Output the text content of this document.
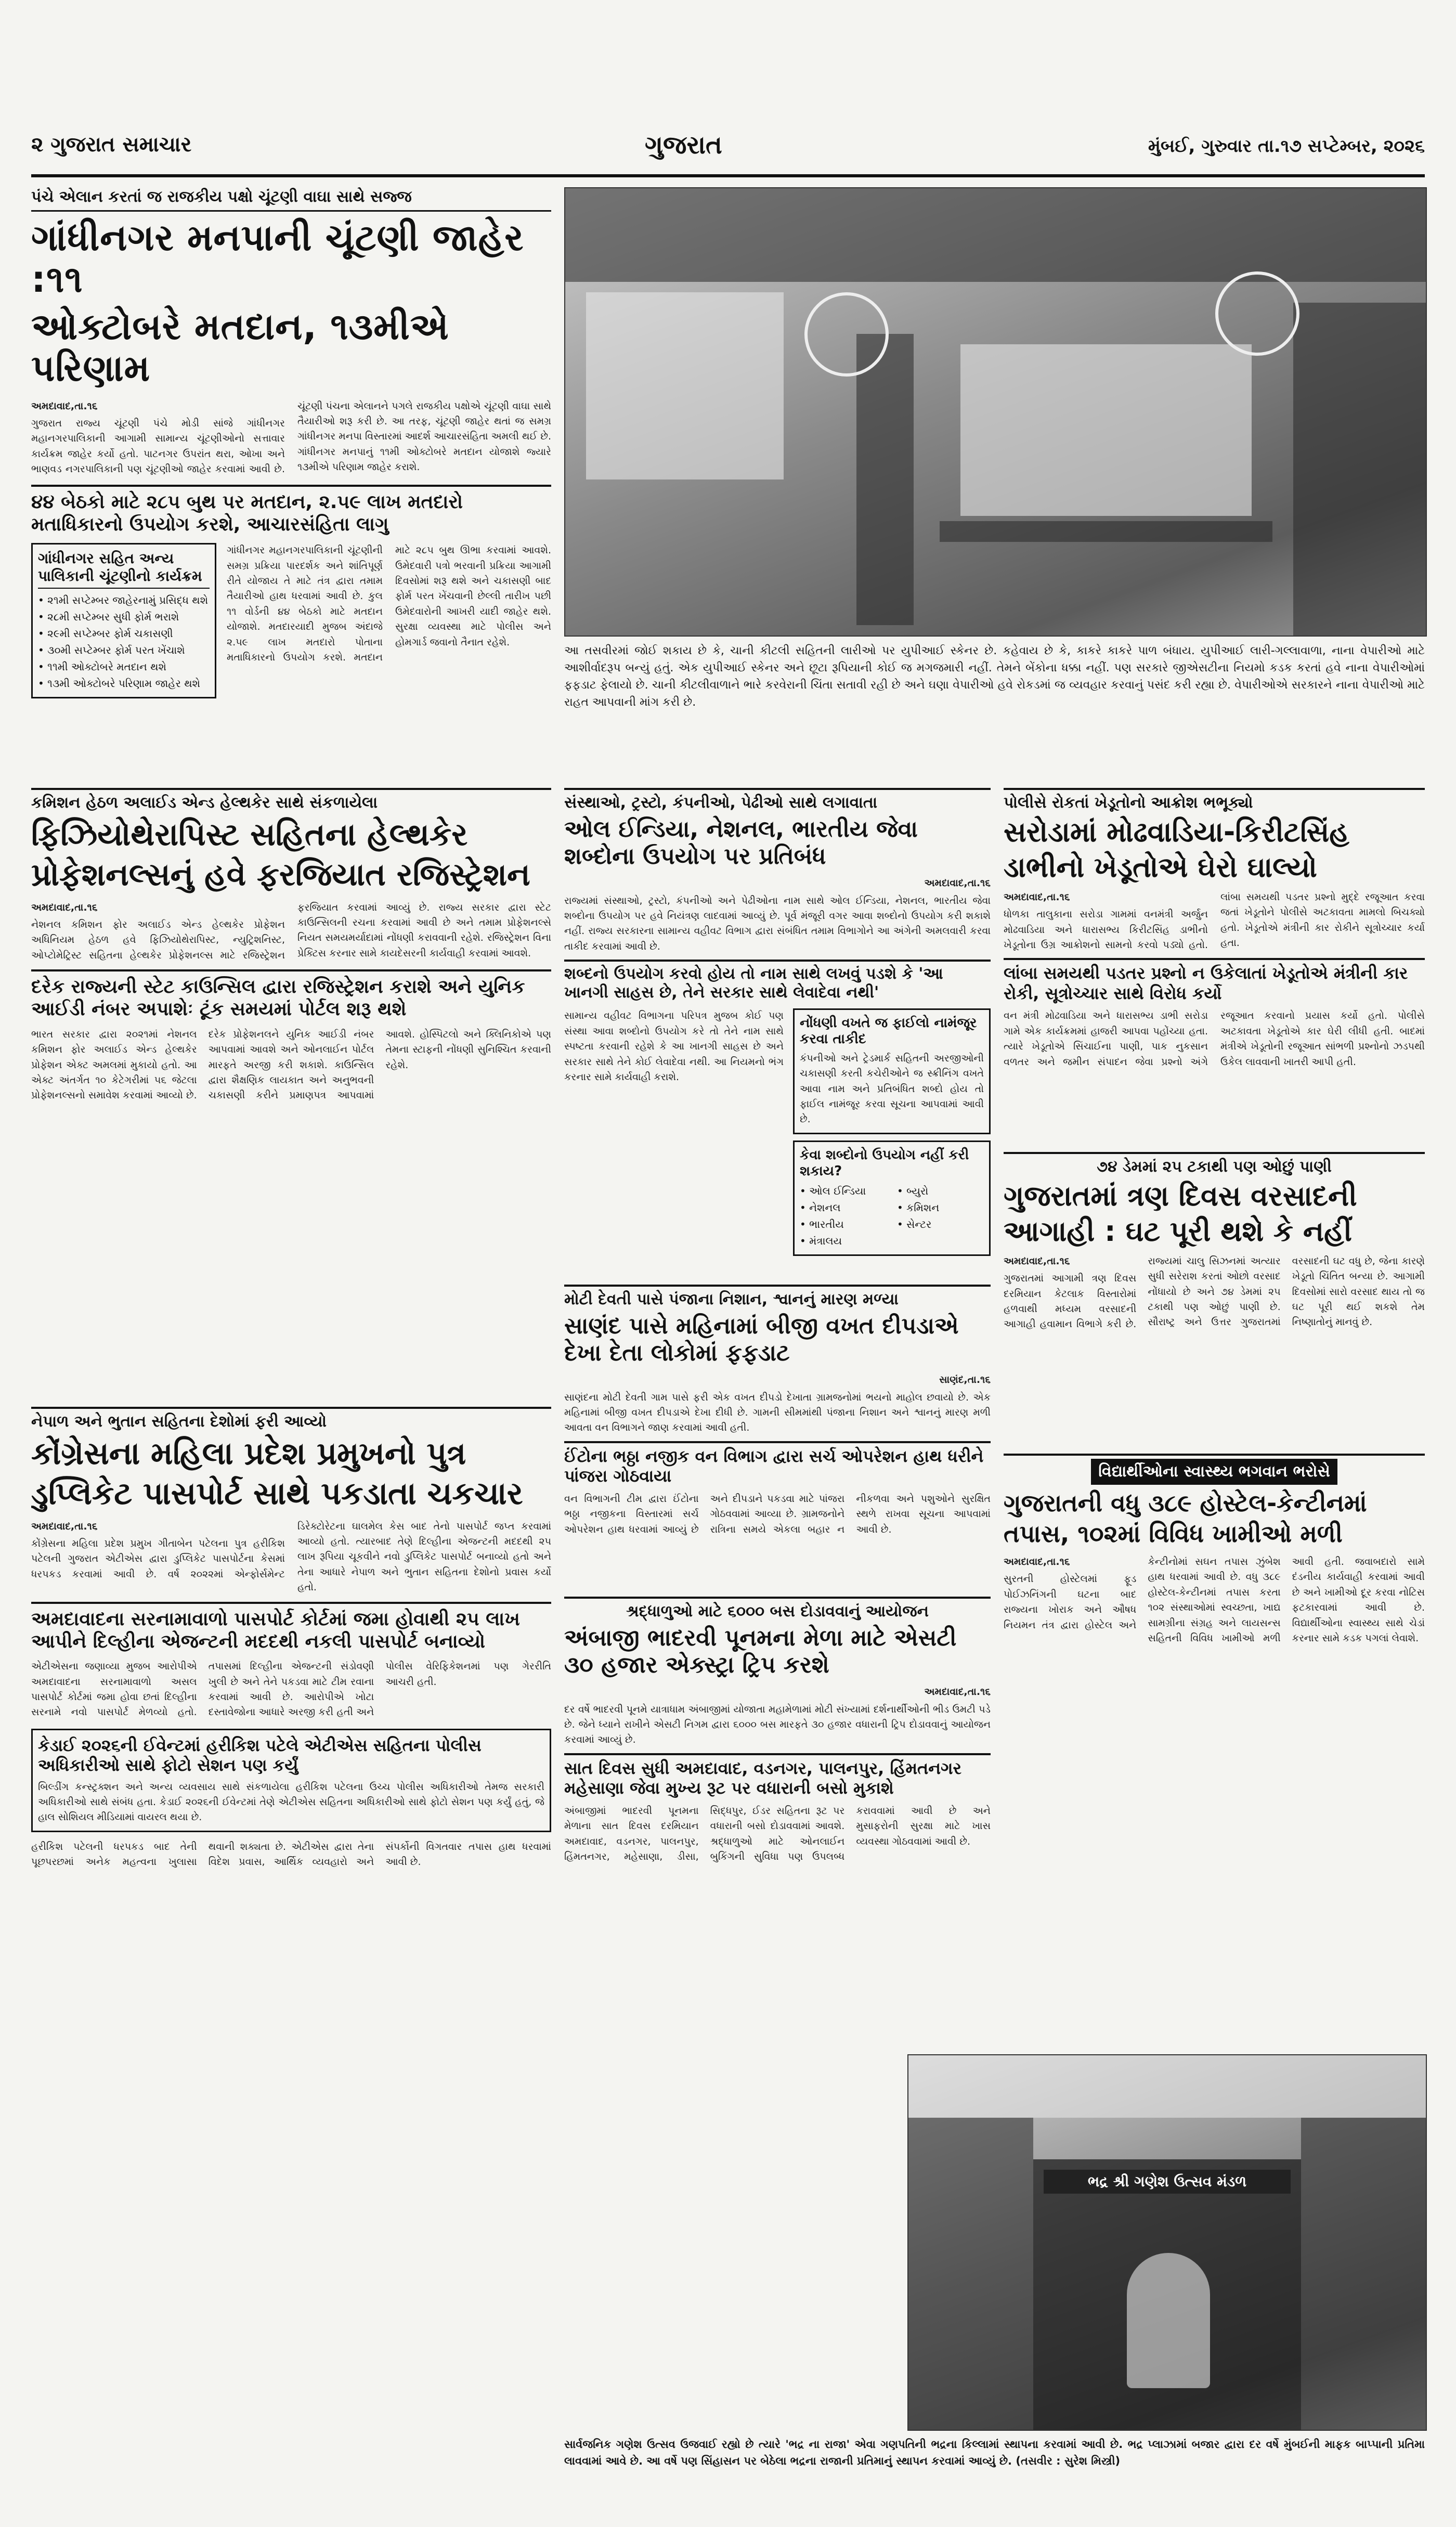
૨ ગુજરાત સમાચાર	ગુજરાત	મુંબઈ, ગુરુવાર તા.૧૭ સપ્ટેમ્બર, ૨૦૨૬
પંચે એલાન કરતાં જ રાજકીય પક્ષો ચૂંટણી વાઘા સાથે સજ્જ
ગાંધીનગર મનપાની ચૂંટણી જાહેર :૧૧
ઓક્ટોબરે મતદાન, ૧૩મીએ પરિણામ

અમદાવાદ,તા.૧૬

ગુજરાત રાજ્ય ચૂંટણી પંચે મોડી સાંજે ગાંધીનગર મહાનગરપાલિકાની આગામી સામાન્ય ચૂંટણીઓનો સત્તાવાર કાર્યક્રમ જાહેર કર્યો હતો. પાટનગર ઉપરાંત થરા, ઓખા અને ભાણવડ નગરપાલિકાની પણ ચૂંટણીઓ જાહેર કરવામાં આવી છે. ચૂંટણી પંચના એલાનને પગલે રાજકીય પક્ષોએ ચૂંટણી વાઘા સાથે તૈયારીઓ શરૂ કરી છે. આ તરફ, ચૂંટણી જાહેર થતાં જ સમગ્ર ગાંધીનગર મનપા વિસ્તારમાં આદર્શ આચારસંહિતા અમલી થઈ છે. ગાંધીનગર મનપાનું ૧૧મી ઓક્ટોબરે મતદાન યોજાશે જ્યારે ૧૩મીએ પરિણામ જાહેર કરાશે.

૪૪ બેઠકો માટે ૨૮૫ બુથ પર મતદાન, ૨.૫૯ લાખ મતદારો મતાધિકારનો ઉપયોગ કરશે, આચારસંહિતા લાગુ
ગાંધીનગર સહિત અન્ય પાલિકાની ચૂંટણીનો કાર્યક્રમ
• ૨૧મી સપ્ટેમ્બર જાહેરનામું પ્રસિદ્ધ થશે
• ૨૮મી સપ્ટેમ્બર સુધી ફોર્મ ભરાશે
• ૨૯મી સપ્ટેમ્બર ફોર્મ ચકાસણી
• ૩૦મી સપ્ટેમ્બર ફોર્મ પરત ખેંચાશે
• ૧૧મી ઓક્ટોબરે મતદાન થશે
• ૧૩મી ઓક્ટોબરે પરિણામ જાહેર થશે
ગાંધીનગર મહાનગરપાલિકાની ચૂંટણીની સમગ્ર પ્રક્રિયા પારદર્શક અને શાંતિપૂર્ણ રીતે યોજાય તે માટે તંત્ર દ્વારા તમામ તૈયારીઓ હાથ ધરવામાં આવી છે. કુલ ૧૧ વોર્ડની ૪૪ બેઠકો માટે મતદાન યોજાશે. મતદારયાદી મુજબ અંદાજે ૨.૫૯ લાખ મતદારો પોતાના મતાધિકારનો ઉપયોગ કરશે. મતદાન માટે ૨૮૫ બુથ ઊભા કરવામાં આવશે. ઉમેદવારી પત્રો ભરવાની પ્રક્રિયા આગામી દિવસોમાં શરૂ થશે અને ચકાસણી બાદ ફોર્મ પરત ખેંચવાની છેલ્લી તારીખ પછી ઉમેદવારોની આખરી યાદી જાહેર થશે. સુરક્ષા વ્યવસ્થા માટે પોલીસ અને હોમગાર્ડ જવાનો તૈનાત રહેશે.
આ તસવીરમાં જોઈ શકાય છે કે, ચાની કીટલી સહિતની લારીઓ પર યુપીઆઈ સ્કેનર છે. કહેવાય છે કે, કાકરે કાકરે પાળ બંધાય. યુપીઆઈ લારી-ગલ્લાવાળા, નાના વેપારીઓ માટે આશીર્વાદરૂપ બન્યું હતું. એક યુપીઆઈ સ્કેનર અને છૂટા રૂપિયાની કોઈ જ મગજમારી નહીં. તેમને બેંકોના ધક્કા નહીં. પણ સરકારે જીએસટીના નિયમો કડક કરતાં હવે નાના વેપારીઓમાં ફફડાટ ફેલાયો છે. ચાની કીટલીવાળાને ભારે કરવેરાની ચિંતા સતાવી રહી છે અને ઘણા વેપારીઓ હવે રોકડમાં જ વ્યવહાર કરવાનું પસંદ કરી રહ્યા છે. વેપારીઓએ સરકારને નાના વેપારીઓ માટે રાહત આપવાની માંગ કરી છે.
સંસ્થાઓ, ટ્રસ્ટો, કંપનીઓ, પેઢીઓ સાથે લગાવાતા
ઓલ ઈન્ડિયા, નેશનલ, ભારતીય જેવા શબ્દોના ઉપયોગ પર પ્રતિબંધ

અમદાવાદ,તા.૧૬

રાજ્યમાં સંસ્થાઓ, ટ્રસ્ટો, કંપનીઓ અને પેઢીઓના નામ સાથે ઓલ ઈન્ડિયા, નેશનલ, ભારતીય જેવા શબ્દોના ઉપયોગ પર હવે નિયંત્રણ લાદવામાં આવ્યું છે. પૂર્વ મંજૂરી વગર આવા શબ્દોનો ઉપયોગ કરી શકાશે નહીં. રાજ્ય સરકારના સામાન્ય વહીવટ વિભાગ દ્વારા સંબંધિત તમામ વિભાગોને આ અંગેની અમલવારી કરવા તાકીદ કરવામાં આવી છે.

શબ્દનો ઉપયોગ કરવો હોય તો નામ સાથે લખવું પડશે કે 'આ ખાનગી સાહસ છે, તેને સરકાર સાથે લેવાદેવા નથી'
સામાન્ય વહીવટ વિભાગના પરિપત્ર મુજબ કોઈ પણ સંસ્થા આવા શબ્દોનો ઉપયોગ કરે તો તેને નામ સાથે સ્પષ્ટતા કરવાની રહેશે કે આ ખાનગી સાહસ છે અને સરકાર સાથે તેને કોઈ લેવાદેવા નથી. આ નિયમનો ભંગ કરનાર સામે કાર્યવાહી કરાશે.
નોંધણી વખતે જ ફાઈલો નામંજૂર કરવા તાકીદ
કંપનીઓ અને ટ્રેડમાર્ક સહિતની અરજીઓની ચકાસણી કરતી કચેરીઓને જ સ્ક્રીનિંગ વખતે આવા નામ અને પ્રતિબંધિત શબ્દો હોય તો ફાઈલ નામંજૂર કરવા સૂચના આપવામાં આવી છે.
કેવા શબ્દોનો ઉપયોગ નહીં કરી શકાય?
• ઓલ ઈન્ડિયા
• નેશનલ
• ભારતીય
• મંત્રાલય
• બ્યુરો
• કમિશન
• સેન્ટર
પોલીસે રોકતાં ખેડૂતોનો આક્રોશ ભભૂક્યો
સરોડામાં મોઢવાડિયા-કિરીટસિંહ
ડાભીનો ખેડૂતોએ ઘેરો ઘાલ્યો

અમદાવાદ,તા.૧૬

ધોળકા તાલુકાના સરોડા ગામમાં વનમંત્રી અર્જુન મોઢવાડિયા અને ધારાસભ્ય કિરીટસિંહ ડાભીનો ખેડૂતોના ઉગ્ર આક્રોશનો સામનો કરવો પડ્યો હતો. લાંબા સમયથી પડતર પ્રશ્નો મુદ્દે રજૂઆત કરવા જતાં ખેડૂતોને પોલીસે અટકાવતા મામલો બિચક્યો હતો. ખેડૂતોએ મંત્રીની કાર રોકીને સૂત્રોચ્ચાર કર્યા હતા.

લાંબા સમયથી પડતર પ્રશ્નો ન ઉકેલાતાં ખેડૂતોએ મંત્રીની કાર રોકી, સૂત્રોચ્ચાર સાથે વિરોધ કર્યો
વન મંત્રી મોઢવાડિયા અને ધારાસભ્ય ડાભી સરોડા ગામે એક કાર્યક્રમમાં હાજરી આપવા પહોંચ્યા હતા. ત્યારે ખેડૂતોએ સિંચાઈના પાણી, પાક નુકસાન વળતર અને જમીન સંપાદન જેવા પ્રશ્નો અંગે રજૂઆત કરવાનો પ્રયાસ કર્યો હતો. પોલીસે અટકાવતા ખેડૂતોએ કાર ઘેરી લીધી હતી. બાદમાં મંત્રીએ ખેડૂતોની રજૂઆત સાંભળી પ્રશ્નોનો ઝડપથી ઉકેલ લાવવાની ખાતરી આપી હતી.
૭૪ ડેમમાં ૨૫ ટકાથી પણ ઓછું પાણી
ગુજરાતમાં ત્રણ દિવસ વરસાદની
આગાહી : ઘટ પૂરી થશે કે નહીં

અમદાવાદ,તા.૧૬

ગુજરાતમાં આગામી ત્રણ દિવસ દરમિયાન કેટલાક વિસ્તારોમાં હળવાથી મધ્યમ વરસાદની આગાહી હવામાન વિભાગે કરી છે. રાજ્યમાં ચાલુ સિઝનમાં અત્યાર સુધી સરેરાશ કરતાં ઓછો વરસાદ નોંધાયો છે અને ૭૪ ડેમમાં ૨૫ ટકાથી પણ ઓછું પાણી છે. સૌરાષ્ટ્ર અને ઉત્તર ગુજરાતમાં વરસાદની ઘટ વધુ છે, જેના કારણે ખેડૂતો ચિંતિત બન્યા છે. આગામી દિવસોમાં સારો વરસાદ થાય તો જ ઘટ પૂરી થઈ શકશે તેમ નિષ્ણાતોનું માનવું છે.

કમિશન હેઠળ અલાઈડ એન્ડ હેલ્થકેર સાથે સંકળાયેલા
ફિઝિયોથેરાપિસ્ટ સહિતના હેલ્થકેર
પ્રોફેશનલ્સનું હવે ફરજિયાત રજિસ્ટ્રેશન

અમદાવાદ,તા.૧૬

નેશનલ કમિશન ફોર અલાઈડ એન્ડ હેલ્થકેર પ્રોફેશન અધિનિયમ હેઠળ હવે ફિઝિયોથેરાપિસ્ટ, ન્યુટ્રિશનિસ્ટ, ઓપ્ટોમેટ્રિસ્ટ સહિતના હેલ્થકેર પ્રોફેશનલ્સ માટે રજિસ્ટ્રેશન ફરજિયાત કરવામાં આવ્યું છે. રાજ્ય સરકાર દ્વારા સ્ટેટ કાઉન્સિલની રચના કરવામાં આવી છે અને તમામ પ્રોફેશનલ્સે નિયત સમયમર્યાદામાં નોંધણી કરાવવાની રહેશે. રજિસ્ટ્રેશન વિના પ્રેક્ટિસ કરનાર સામે કાયદેસરની કાર્યવાહી કરવામાં આવશે.

દરેક રાજ્યની સ્ટેટ કાઉન્સિલ દ્વારા રજિસ્ટ્રેશન કરાશે અને યુનિક આઈડી નંબર અપાશેઃ ટૂંક સમયમાં પોર્ટલ શરૂ થશે
ભારત સરકાર દ્વારા ૨૦૨૧માં નેશનલ કમિશન ફોર અલાઈડ એન્ડ હેલ્થકેર પ્રોફેશન એક્ટ અમલમાં મુકાયો હતો. આ એક્ટ અંતર્ગત ૧૦ કેટેગરીમાં ૫૬ જેટલા પ્રોફેશનલ્સનો સમાવેશ કરવામાં આવ્યો છે. દરેક પ્રોફેશનલને યુનિક આઈડી નંબર આપવામાં આવશે અને ઓનલાઈન પોર્ટલ મારફતે અરજી કરી શકાશે. કાઉન્સિલ દ્વારા શૈક્ષણિક લાયકાત અને અનુભવની ચકાસણી કરીને પ્રમાણપત્ર આપવામાં આવશે. હોસ્પિટલો અને ક્લિનિકોએ પણ તેમના સ્ટાફની નોંધણી સુનિશ્ચિત કરવાની રહેશે.
મોટી દેવતી પાસે પંજાના નિશાન, શ્વાનનું મારણ મળ્યા
સાણંદ પાસે મહિનામાં બીજી વખત દીપડાએ દેખા દેતા લોકોમાં ફફડાટ

સાણંદ,તા.૧૬

સાણંદના મોટી દેવતી ગામ પાસે ફરી એક વખત દીપડો દેખાતા ગ્રામજનોમાં ભયનો માહોલ છવાયો છે. એક મહિનામાં બીજી વખત દીપડાએ દેખા દીધી છે. ગામની સીમમાંથી પંજાના નિશાન અને શ્વાનનું મારણ મળી આવતા વન વિભાગને જાણ કરવામાં આવી હતી.

ઈંટોના ભઠ્ઠા નજીક વન વિભાગ દ્વારા સર્ચ ઓપરેશન હાથ ધરીને પાંજરા ગોઠવાયા
વન વિભાગની ટીમ દ્વારા ઈંટોના ભઠ્ઠા નજીકના વિસ્તારમાં સર્ચ ઓપરેશન હાથ ધરવામાં આવ્યું છે અને દીપડાને પકડવા માટે પાંજરા ગોઠવવામાં આવ્યા છે. ગ્રામજનોને રાત્રિના સમયે એકલા બહાર ન નીકળવા અને પશુઓને સુરક્ષિત સ્થળે રાખવા સૂચના આપવામાં આવી છે.
વિદ્યાર્થીઓના સ્વાસ્થ્ય ભગવાન ભરોસે
ગુજરાતની વધુ ૩૮૯ હોસ્ટેલ-કેન્ટીનમાં
તપાસ, ૧૦૨માં વિવિધ ખામીઓ મળી

અમદાવાદ,તા.૧૬

સુરતની હોસ્ટેલમાં ફૂડ પોઈઝનિંગની ઘટના બાદ રાજ્યના ખોરાક અને ઔષધ નિયમન તંત્ર દ્વારા હોસ્ટેલ અને કેન્ટીનોમાં સઘન તપાસ ઝુંબેશ હાથ ધરવામાં આવી છે. વધુ ૩૮૯ હોસ્ટેલ-કેન્ટીનમાં તપાસ કરતા ૧૦૨ સંસ્થાઓમાં સ્વચ્છતા, ખાદ્ય સામગ્રીના સંગ્રહ અને લાયસન્સ સહિતની વિવિધ ખામીઓ મળી આવી હતી. જવાબદારો સામે દંડનીય કાર્યવાહી કરવામાં આવી છે અને ખામીઓ દૂર કરવા નોટિસ ફટકારવામાં આવી છે. વિદ્યાર્થીઓના સ્વાસ્થ્ય સાથે ચેડાં કરનાર સામે કડક પગલાં લેવાશે.

નેપાળ અને ભુતાન સહિતના દેશોમાં ફરી આવ્યો
કોંગ્રેસના મહિલા પ્રદેશ પ્રમુખનો પુત્ર
ડુપ્લિકેટ પાસપોર્ટ સાથે પકડાતા ચકચાર

અમદાવાદ,તા.૧૬

કોંગ્રેસના મહિલા પ્રદેશ પ્રમુખ ગીતાબેન પટેલના પુત્ર હરીકિશ પટેલની ગુજરાત એટીએસ દ્વારા ડુપ્લિકેટ પાસપોર્ટના કેસમાં ધરપકડ કરવામાં આવી છે. વર્ષ ૨૦૨૨માં એન્ફોર્સમેન્ટ ડિરેક્ટોરેટના ઘાલમેલ કેસ બાદ તેનો પાસપોર્ટ જપ્ત કરવામાં આવ્યો હતો. ત્યારબાદ તેણે દિલ્હીના એજન્ટની મદદથી ૨૫ લાખ રૂપિયા ચૂકવીને નવો ડુપ્લિકેટ પાસપોર્ટ બનાવ્યો હતો અને તેના આધારે નેપાળ અને ભુતાન સહિતના દેશોનો પ્રવાસ કર્યો હતો.

અમદાવાદના સરનામાવાળો પાસપોર્ટ કોર્ટમાં જમા હોવાથી ૨૫ લાખ આપીને દિલ્હીના એજન્ટની મદદથી નકલી પાસપોર્ટ બનાવ્યો
એટીએસના જણાવ્યા મુજબ આરોપીએ અમદાવાદના સરનામાવાળો અસલ પાસપોર્ટ કોર્ટમાં જમા હોવા છતાં દિલ્હીના સરનામે નવો પાસપોર્ટ મેળવ્યો હતો. તપાસમાં દિલ્હીના એજન્ટની સંડોવણી ખુલી છે અને તેને પકડવા માટે ટીમ રવાના કરવામાં આવી છે. આરોપીએ ખોટા દસ્તાવેજોના આધારે અરજી કરી હતી અને પોલીસ વેરિફિકેશનમાં પણ ગેરરીતિ આચરી હતી.
કેડાઈ ૨૦૨૬ની ઈવેન્ટમાં હરીકિશ પટેલે એટીએસ સહિતના પોલીસ અધિકારીઓ સાથે ફોટો સેશન પણ કર્યું
બિલ્ડીંગ કન્સ્ટ્રક્શન અને અન્ય વ્યવસાય સાથે સંકળાયેલા હરીકિશ પટેલના ઉચ્ચ પોલીસ અધિકારીઓ તેમજ સરકારી અધિકારીઓ સાથે સંબંધ હતા. કેડાઈ ૨૦૨૬ની ઈવેન્ટમાં તેણે એટીએસ સહિતના અધિકારીઓ સાથે ફોટો સેશન પણ કર્યું હતું, જે હાલ સોશિયલ મીડિયામાં વાયરલ થયા છે.
હરીકિશ પટેલની ધરપકડ બાદ તેની પૂછપરછમાં અનેક મહત્વના ખુલાસા થવાની શક્યતા છે. એટીએસ દ્વારા તેના વિદેશ પ્રવાસ, આર્થિક વ્યવહારો અને સંપર્કોની વિગતવાર તપાસ હાથ ધરવામાં આવી છે.
શ્રદ્ધાળુઓ માટે ૬૦૦૦ બસ દોડાવવાનું આયોજન
અંબાજી ભાદરવી પૂનમના મેળા માટે એસટી ૩૦ હજાર એક્સ્ટ્રા ટ્રિપ કરશે

અમદાવાદ,તા.૧૬

દર વર્ષે ભાદરવી પૂનમે યાત્રાધામ અંબાજીમાં યોજાતા મહામેળામાં મોટી સંખ્યામાં દર્શનાર્થીઓની ભીડ ઉમટી પડે છે. જેને ધ્યાને રાખીને એસટી નિગમ દ્વારા ૬૦૦૦ બસ મારફતે ૩૦ હજાર વધારાની ટ્રિપ દોડાવવાનું આયોજન કરવામાં આવ્યું છે.

સાત દિવસ સુધી અમદાવાદ, વડનગર, પાલનપુર, હિંમતનગર મહેસાણા જેવા મુખ્ય રૂટ પર વધારાની બસો મુકાશે
અંબાજીમાં ભાદરવી પૂનમના મેળાના સાત દિવસ દરમિયાન અમદાવાદ, વડનગર, પાલનપુર, હિંમતનગર, મહેસાણા, ડીસા, સિદ્ધપુર, ઈડર સહિતના રૂટ પર વધારાની બસો દોડાવવામાં આવશે. શ્રદ્ધાળુઓ માટે ઓનલાઈન બુકિંગની સુવિધા પણ ઉપલબ્ધ કરાવવામાં આવી છે અને મુસાફરોની સુરક્ષા માટે ખાસ વ્યવસ્થા ગોઠવવામાં આવી છે.
ભદ્ર શ્રી ગણેશ ઉત્સવ મંડળ
સાર્વજનિક ગણેશ ઉત્સવ ઉજવાઈ રહ્યો છે ત્યારે 'ભદ્ર ના રાજા' એવા ગણપતિની ભદ્રના કિલ્લામાં સ્થાપના કરવામાં આવી છે. ભદ્ર પ્લાઝામાં બજાર દ્વારા દર વર્ષે મુંબઈની માફક બાપ્પાની પ્રતિમા લાવવામાં આવે છે. આ વર્ષે પણ સિંહાસન પર બેઠેલા ભદ્રના રાજાની પ્રતિમાનું સ્થાપન કરવામાં આવ્યું છે. (તસવીર : સુરેશ મિસ્ત્રી)
